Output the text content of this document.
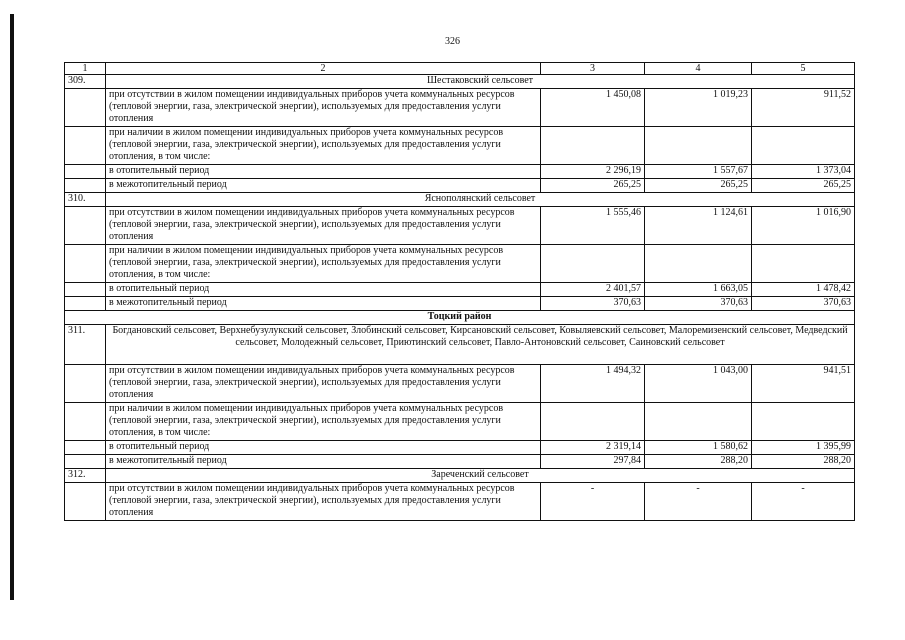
326
1	2	3	4	5
309.	Шестаковский сельсовет			
	при отсутствии в жилом помещении индивидуальных приборов учета коммунальных ресурсов (тепловой энергии, газа, электрической энергии), используемых для предоставления услуги отопления	1 450,08	1 019,23	911,52
	при наличии в жилом помещении индивидуальных приборов учета коммунальных ресурсов (тепловой энергии, газа, электрической энергии), используемых для предоставления услуги отопления, в том числе:			
	в отопительный период	2 296,19	1 557,67	1 373,04
	в межотопительный период	265,25	265,25	265,25
310.	Яснополянский сельсовет			
	при отсутствии в жилом помещении индивидуальных приборов учета коммунальных ресурсов (тепловой энергии, газа, электрической энергии), используемых для предоставления услуги отопления	1 555,46	1 124,61	1 016,90
	при наличии в жилом помещении индивидуальных приборов учета коммунальных ресурсов (тепловой энергии, газа, электрической энергии), используемых для предоставления услуги отопления, в том числе:			
	в отопительный период	2 401,57	1 663,05	1 478,42
	в межотопительный период	370,63	370,63	370,63
Тоцкий район				
311.	Богдановский сельсовет, Верхнебузулукский сельсовет, Злобинский сельсовет, Кирсановский сельсовет, Ковыляевский сельсовет, Малоремизенский сельсовет, Медведский сельсовет, Молодежный сельсовет, Приютинский сельсовет, Павло-Антоновский сельсовет, Саиновский сельсовет			
	при отсутствии в жилом помещении индивидуальных приборов учета коммунальных ресурсов (тепловой энергии, газа, электрической энергии), используемых для предоставления услуги отопления	1 494,32	1 043,00	941,51
	при наличии в жилом помещении индивидуальных приборов учета коммунальных ресурсов (тепловой энергии, газа, электрической энергии), используемых для предоставления услуги отопления, в том числе:			
	в отопительный период	2 319,14	1 580,62	1 395,99
	в межотопительный период	297,84	288,20	288,20
312.	Зареченский сельсовет			
	при отсутствии в жилом помещении индивидуальных приборов учета коммунальных ресурсов (тепловой энергии, газа, электрической энергии), используемых для предоставления услуги отопления	-	-	-
